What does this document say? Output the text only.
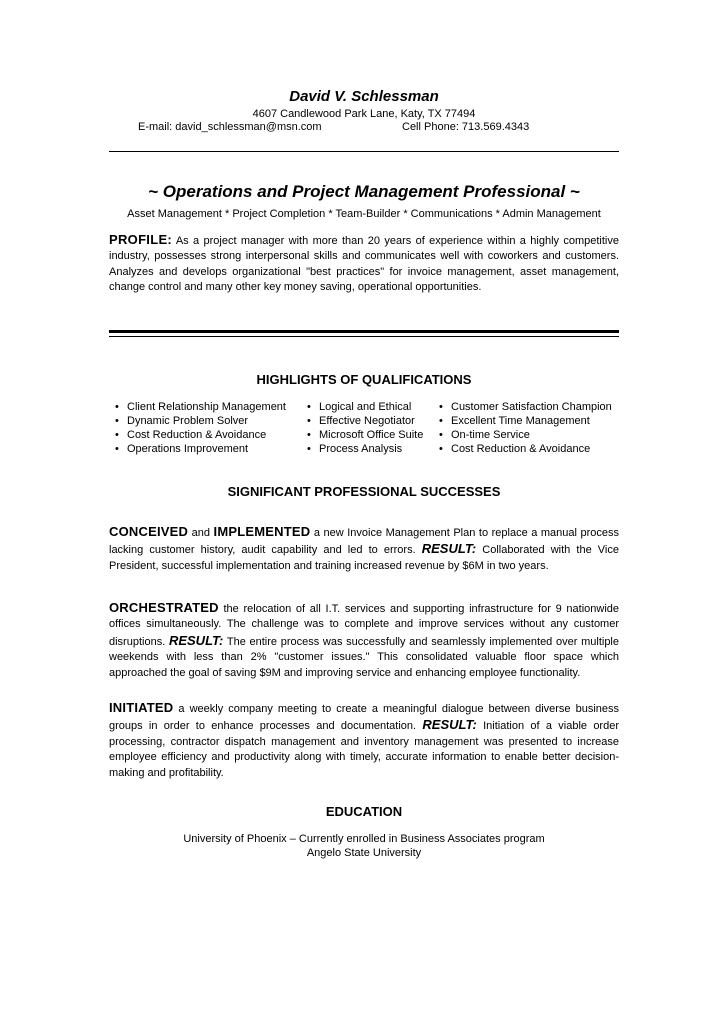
David V. Schlessman
4607 Candlewood Park Lane, Katy, TX 77494
E-mail: david_schlessman@msn.com	Cell Phone: 713.569.4343
~ Operations and Project Management Professional ~
Asset Management * Project Completion * Team-Builder * Communications * Admin Management
PROFILE: As a project manager with more than 20 years of experience within a highly competitive industry, possesses strong interpersonal skills and communicates well with coworkers and customers. Analyzes and develops organizational "best practices" for invoice management, asset management, change control and many other key money saving, operational opportunities.
HIGHLIGHTS OF QUALIFICATIONS
• Client Relationship Management
• Dynamic Problem Solver
• Cost Reduction & Avoidance
• Operations Improvement
• Logical and Ethical
• Effective Negotiator
• Microsoft Office Suite
• Process Analysis
• Customer Satisfaction Champion
• Excellent Time Management
• On-time Service
• Cost Reduction & Avoidance
SIGNIFICANT PROFESSIONAL SUCCESSES
CONCEIVED and IMPLEMENTED a new Invoice Management Plan to replace a manual process lacking customer history, audit capability and led to errors. RESULT: Collaborated with the Vice President, successful implementation and training increased revenue by $6M in two years.
ORCHESTRATED the relocation of all I.T. services and supporting infrastructure for 9 nationwide offices simultaneously. The challenge was to complete and improve services without any customer disruptions. RESULT: The entire process was successfully and seamlessly implemented over multiple weekends with less than 2% "customer issues." This consolidated valuable floor space which approached the goal of saving $9M and improving service and enhancing employee functionality.
INITIATED a weekly company meeting to create a meaningful dialogue between diverse business groups in order to enhance processes and documentation. RESULT: Initiation of a viable order processing, contractor dispatch management and inventory management was presented to increase employee efficiency and productivity along with timely, accurate information to enable better decision-making and profitability.
EDUCATION
University of Phoenix – Currently enrolled in Business Associates program
Angelo State University
